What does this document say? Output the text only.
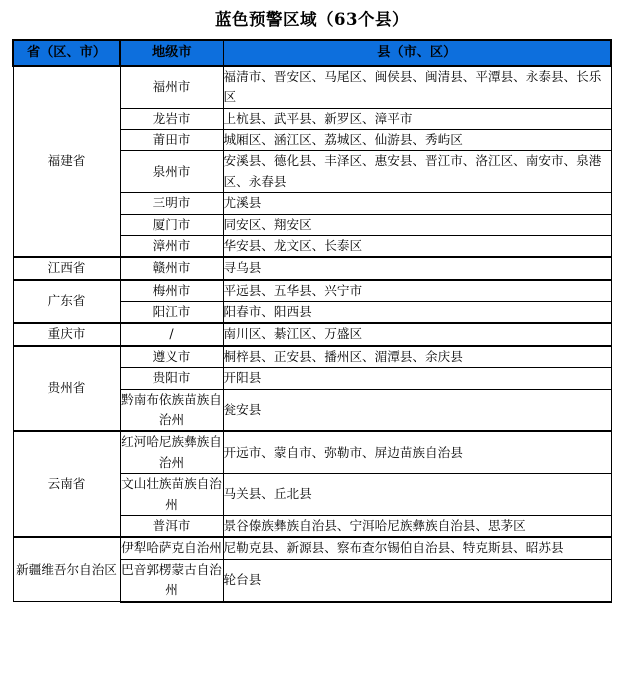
蓝色预警区域（63个县）
省（区、市）	地级市	县（市、区）
福建省	福州市	福清市、晋安区、马尾区、闽侯县、闽清县、平潭县、永泰县、长乐区
	龙岩市	上杭县、武平县、新罗区、漳平市
	莆田市	城厢区、涵江区、荔城区、仙游县、秀屿区
	泉州市	安溪县、德化县、丰泽区、惠安县、晋江市、洛江区、南安市、泉港区、永春县
	三明市	尤溪县
	厦门市	同安区、翔安区
	漳州市	华安县、龙文区、长泰区
江西省	赣州市	寻乌县
广东省	梅州市	平远县、五华县、兴宁市
	阳江市	阳春市、阳西县
重庆市	/	南川区、綦江区、万盛区
贵州省	遵义市	桐梓县、正安县、播州区、湄潭县、余庆县
	贵阳市	开阳县
	黔南布依族苗族自治州	瓮安县
云南省	红河哈尼族彝族自治州	开远市、蒙自市、弥勒市、屏边苗族自治县
	文山壮族苗族自治州	马关县、丘北县
	普洱市	景谷傣族彝族自治县、宁洱哈尼族彝族自治县、思茅区
新疆维吾尔自治区	伊犁哈萨克自治州	尼勒克县、新源县、察布查尔锡伯自治县、特克斯县、昭苏县
	巴音郭楞蒙古自治州	轮台县
